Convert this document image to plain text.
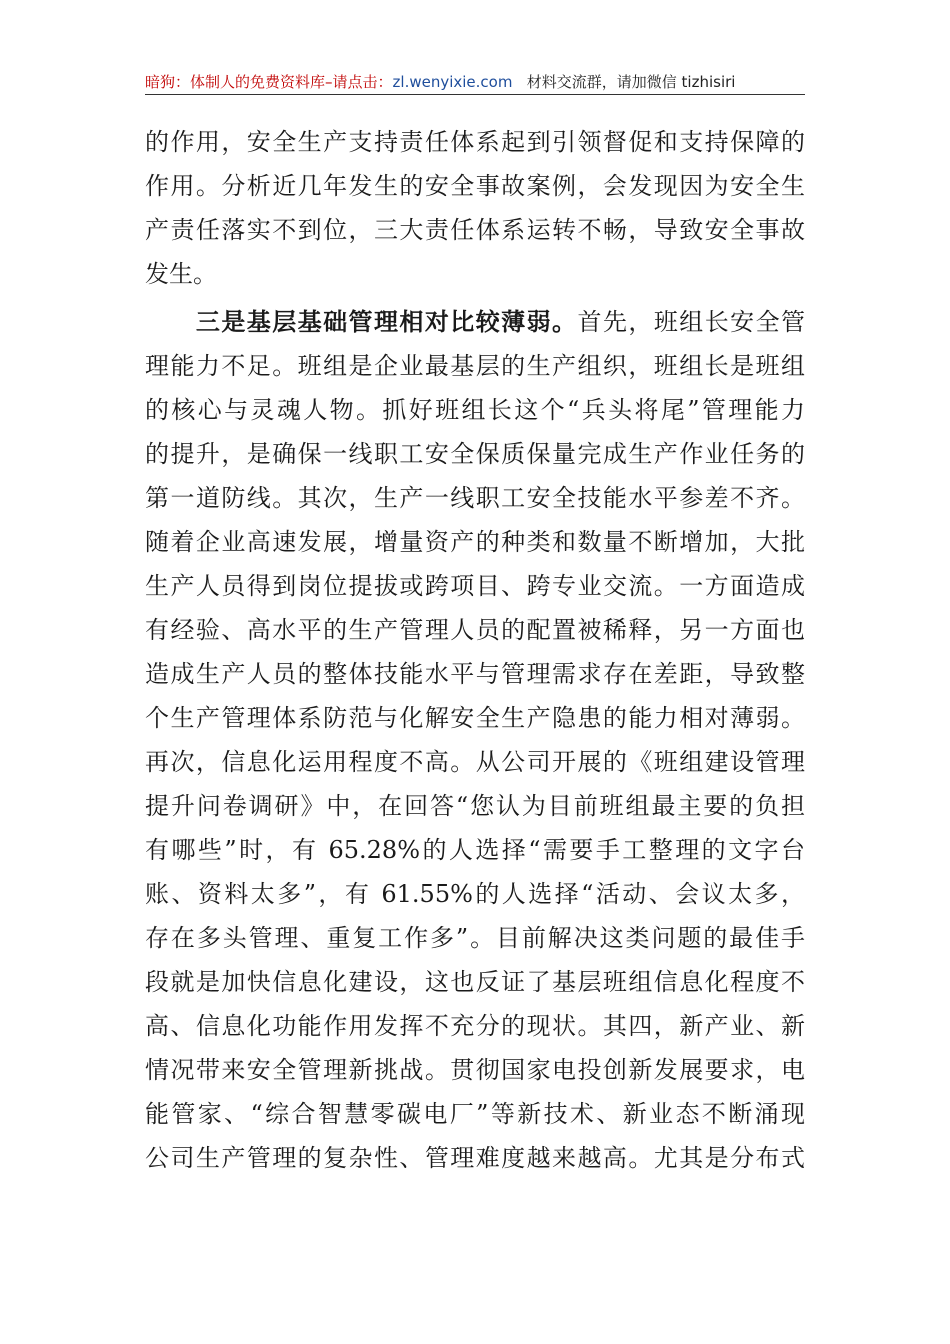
暗狗：体制人的免费资料库–请点击：zl.wenyixie.com 材料交流群，请加微信 tizhisiri
的作用，安全生产支持责任体系起到引领督促和支持保障的
作用。分析近几年发生的安全事故案例，会发现因为安全生
产责任落实不到位，三大责任体系运转不畅，导致安全事故
发生。
　　三是基层基础管理相对比较薄弱。首先，班组长安全管
理能力不足。班组是企业最基层的生产组织，班组长是班组
的核心与灵魂人物。抓好班组长这个“兵头将尾”管理能力
的提升，是确保一线职工安全保质保量完成生产作业任务的
第一道防线。其次，生产一线职工安全技能水平参差不齐。
随着企业高速发展，增量资产的种类和数量不断增加，大批
生产人员得到岗位提拔或跨项目、跨专业交流。一方面造成
有经验、高水平的生产管理人员的配置被稀释，另一方面也
造成生产人员的整体技能水平与管理需求存在差距，导致整
个生产管理体系防范与化解安全生产隐患的能力相对薄弱。
再次，信息化运用程度不高。从公司开展的《班组建设管理
提升问卷调研》中，在回答“您认为目前班组最主要的负担
有哪些”时，有 65.28%的人选择“需要手工整理的文字台
账、资料太多”，有 61.55%的人选择“活动、会议太多，
存在多头管理、重复工作多”。目前解决这类问题的最佳手
段就是加快信息化建设，这也反证了基层班组信息化程度不
高、信息化功能作用发挥不充分的现状。其四，新产业、新
情况带来安全管理新挑战。贯彻国家电投创新发展要求，电
能管家、“综合智慧零碳电厂”等新技术、新业态不断涌现
公司生产管理的复杂性、管理难度越来越高。尤其是分布式
